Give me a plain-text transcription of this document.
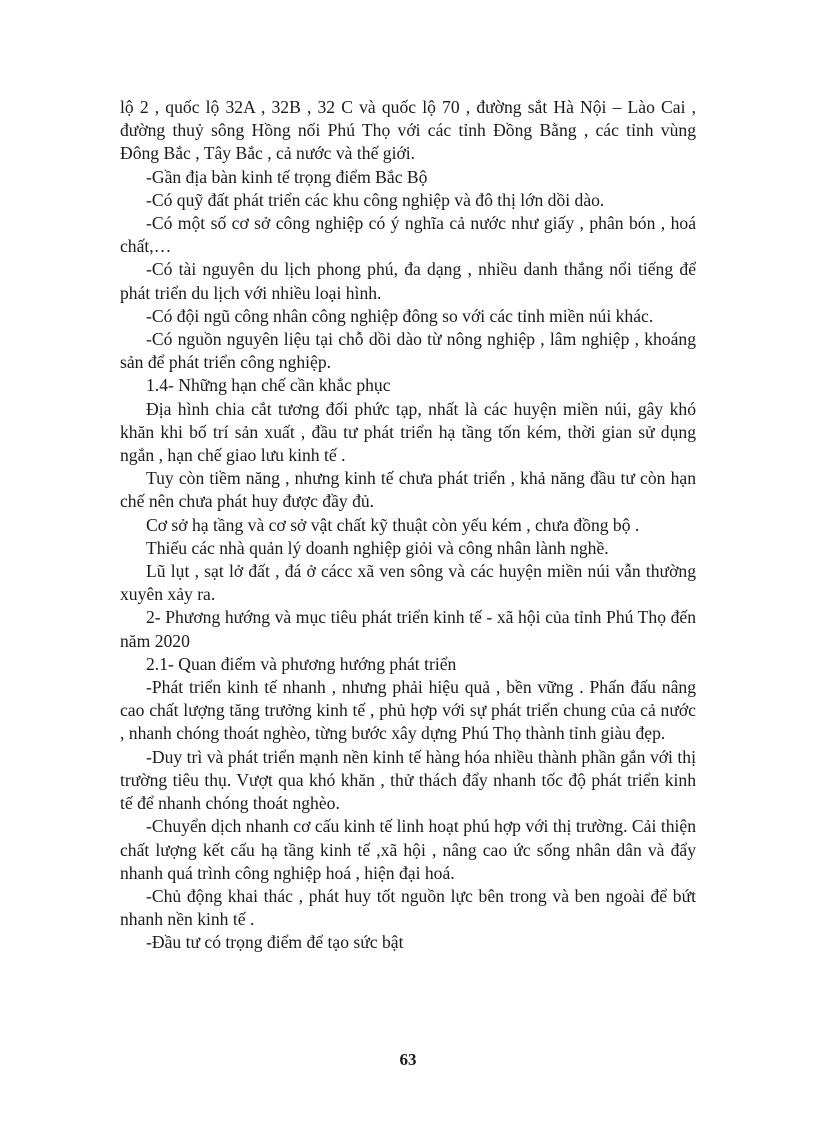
lộ 2 , quốc lộ 32A , 32B , 32 C và quốc lộ 70 , đường sắt Hà Nội – Lào Cai , đường thuỷ sông Hồng nối Phú Thọ với các tỉnh Đồng Bằng , các tỉnh vùng Đông Bắc , Tây Bắc , cả nước và thế giới.

-Gần địa bàn kinh tế trọng điểm Bắc Bộ

-Có quỹ đất phát triển các khu công nghiệp và đô thị lớn dồi dào.

-Có một số cơ sở công nghiệp có ý nghĩa cả nước như giấy , phân bón , hoá chất,…

-Có tài nguyên du lịch phong phú, đa dạng , nhiều danh thắng nổi tiếng để phát triển du lịch với nhiều loại hình.

-Có đội ngũ công nhân công nghiệp đông so với các tỉnh miền núi khác.

-Có nguồn nguyên liệu tại chỗ dồi dào từ nông nghiệp , lâm nghiệp , khoáng sản để phát triển công nghiệp.

1.4- Những hạn chế cần khắc phục

Địa hình chia cắt tương đối phức tạp, nhất là các huyện miền núi, gây khó khăn khi bố trí sản xuất , đầu tư phát triển hạ tầng tốn kém, thời gian sử dụng ngắn , hạn chế giao lưu kinh tế .

Tuy còn tiềm năng , nhưng kinh tế chưa phát triển , khả năng đầu tư còn hạn chế nên chưa phát huy được đầy đủ.

Cơ sở hạ tầng và cơ sở vật chất kỹ thuật còn yếu kém , chưa đồng bộ .

Thiếu các nhà quản lý doanh nghiệp giỏi và công nhân lành nghề.

Lũ lụt , sạt lở đất , đá ở cácc xã ven sông và các huyện miền núi vẫn thường xuyên xảy ra.

2- Phương hướng và mục tiêu phát triển kinh tế - xã hội của tỉnh Phú Thọ đến năm 2020

2.1- Quan điểm và phương hướng phát triển

-Phát triển kinh tế nhanh , nhưng phải hiệu quả , bền vững . Phấn đấu nâng cao chất lượng tăng trưởng kinh tế , phủ hợp với sự phát triển chung của cả nước , nhanh chóng thoát nghèo, từng bước xây dựng Phú Thọ thành tỉnh giàu đẹp.

-Duy trì và phát triển mạnh nền kinh tế hàng hóa nhiều thành phần gắn với thị trường tiêu thụ. Vượt qua khó khăn , thử thách đẩy nhanh tốc độ phát triển kinh tế để nhanh chóng thoát nghèo.

-Chuyển dịch nhanh cơ cấu kinh tế linh hoạt phú hợp với thị trường. Cải thiện chất lượng kết cấu hạ tầng kinh tế ,xã hội , nâng cao ức sống nhân dân và đẩy nhanh quá trình công nghiệp hoá , hiện đại hoá.

-Chủ động khai thác , phát huy tốt nguồn lực bên trong và ben ngoài để bứt nhanh nền kinh tế .

-Đầu tư có trọng điểm để tạo sức bật

63
